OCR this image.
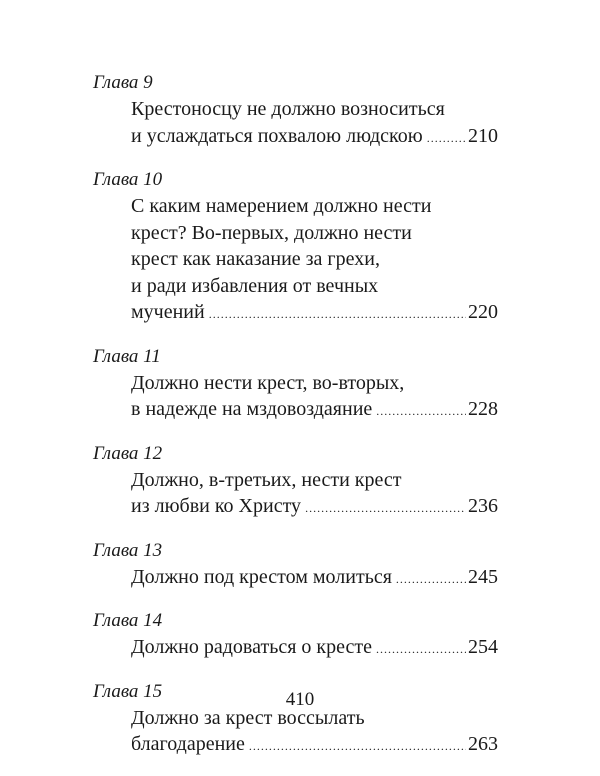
Глава 9
Крестоносцу не должно возноситься
и услаждаться похвалою людскою ..... 210
Глава 10
С каким намерением должно нести
крест? Во-первых, должно нести
крест как наказание за грехи,
и ради избавления от вечных
мучений .....	220
Глава 11
Должно нести крест, во-вторых,
в надежде на мздовоздаяние .....	228
Глава 12
Должно, в-третьих, нести крест
из любви ко Христу .....	236
Глава 13
Должно под крестом молиться .....	245
Глава 14
Должно радоваться о кресте .....	254
Глава 15
Должно за крест воссылать
благодарение .....	263
410
